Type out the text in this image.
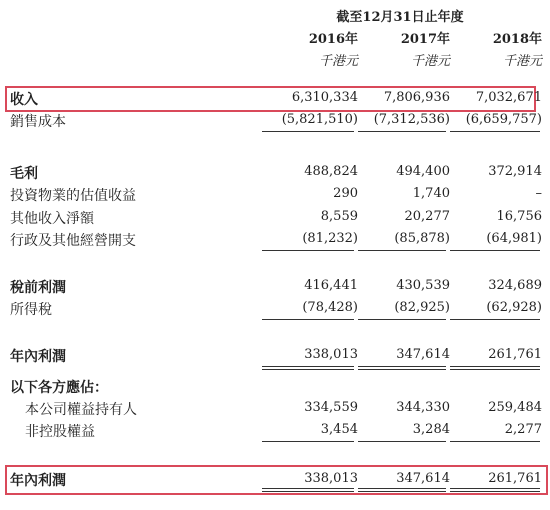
截至12月31日止年度
2016年	2017年	2018年
千港元	千港元	千港元
收入	6,310,334	7,806,936	7,032,671
銷售成本	(5,821,510)	(7,312,536)	(6,659,757)
毛利	488,824	494,400	372,914
投資物業的估值收益	290	1,740	–
其他收入淨額	8,559	20,277	16,756
行政及其他經營開支	(81,232)	(85,878)	(64,981)
稅前利潤	416,441	430,539	324,689
所得稅	(78,428)	(82,925)	(62,928)
年內利潤	338,013	347,614	261,761
以下各方應佔：
本公司權益持有人	334,559	344,330	259,484
非控股權益	3,454	3,284	2,277
年內利潤	338,013	347,614	261,761
